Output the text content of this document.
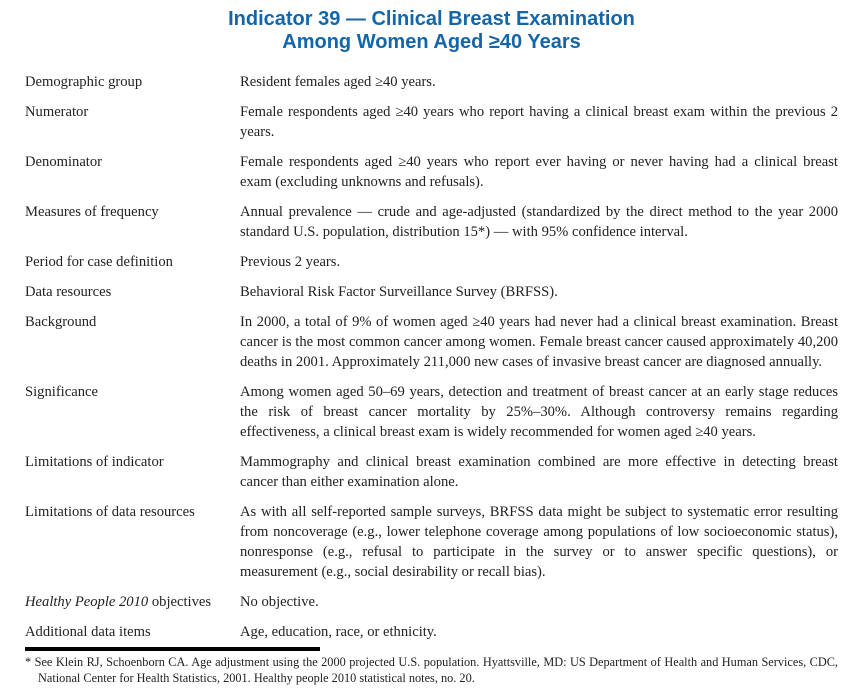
Indicator 39 — Clinical Breast Examination
Among Women Aged ≥40 Years
Demographic group	Resident females aged ≥40 years.
Numerator	Female respondents aged ≥40 years who report having a clinical breast exam within the previous 2 years.
Denominator	Female respondents aged ≥40 years who report ever having or never having had a clinical breast exam (excluding unknowns and refusals).
Measures of frequency	Annual prevalence — crude and age-adjusted (standardized by the direct method to the year 2000 standard U.S. population, distribution 15*) — with 95% confidence interval.
Period for case definition	Previous 2 years.
Data resources	Behavioral Risk Factor Surveillance Survey (BRFSS).
Background	In 2000, a total of 9% of women aged ≥40 years had never had a clinical breast examination. Breast cancer is the most common cancer among women. Female breast cancer caused approximately 40,200 deaths in 2001. Approximately 211,000 new cases of invasive breast cancer are diagnosed annually.
Significance	Among women aged 50–69 years, detection and treatment of breast cancer at an early stage reduces the risk of breast cancer mortality by 25%–30%. Although controversy remains regarding effectiveness, a clinical breast exam is widely recommended for women aged ≥40 years.
Limitations of indicator	Mammography and clinical breast examination combined are more effective in detecting breast cancer than either examination alone.
Limitations of data resources	As with all self-reported sample surveys, BRFSS data might be subject to systematic error resulting from noncoverage (e.g., lower telephone coverage among populations of low socioeconomic status), nonresponse (e.g., refusal to participate in the survey or to answer specific questions), or measurement (e.g., social desirability or recall bias).
Healthy People 2010 objectives	No objective.
Additional data items	Age, education, race, or ethnicity.
* See Klein RJ, Schoenborn CA. Age adjustment using the 2000 projected U.S. population. Hyattsville, MD: US Department of Health and Human Services, CDC, National Center for Health Statistics, 2001. Healthy people 2010 statistical notes, no. 20.
